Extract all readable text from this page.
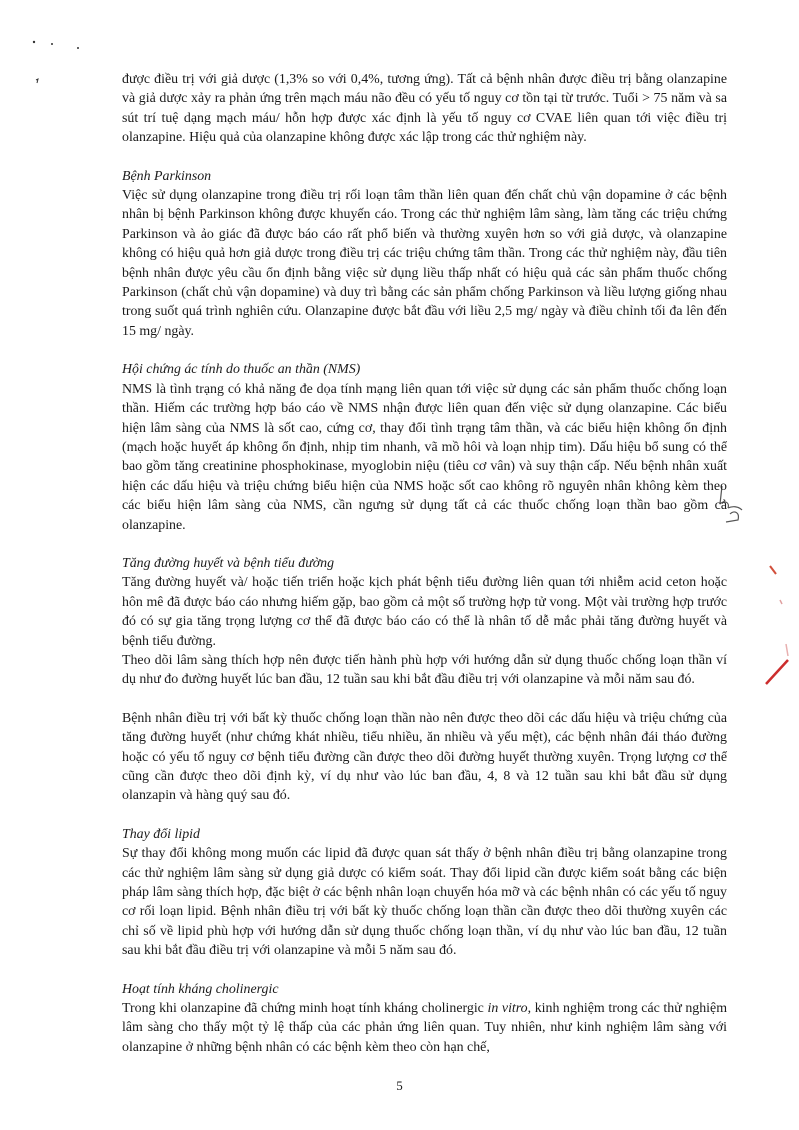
được điều trị với giả dược (1,3% so với 0,4%, tương ứng). Tất cả bệnh nhân được điều trị bằng olanzapine và giả dược xảy ra phản ứng trên mạch máu não đều có yếu tố nguy cơ tồn tại từ trước. Tuổi > 75 năm và sa sút trí tuệ dạng mạch máu/ hỗn hợp được xác định là yếu tố nguy cơ CVAE liên quan tới việc điều trị olanzapine. Hiệu quả của olanzapine không được xác lập trong các thử nghiệm này.

Bệnh Parkinson

Việc sử dụng olanzapine trong điều trị rối loạn tâm thần liên quan đến chất chủ vận dopamine ở các bệnh nhân bị bệnh Parkinson không được khuyến cáo. Trong các thử nghiệm lâm sàng, làm tăng các triệu chứng Parkinson và ảo giác đã được báo cáo rất phổ biến và thường xuyên hơn so với giả dược, và olanzapine không có hiệu quả hơn giả dược trong điều trị các triệu chứng tâm thần. Trong các thử nghiệm này, đầu tiên bệnh nhân được yêu cầu ổn định bằng việc sử dụng liều thấp nhất có hiệu quả các sản phẩm thuốc chống Parkinson (chất chủ vận dopamine) và duy trì bằng các sản phẩm chống Parkinson và liều lượng giống nhau trong suốt quá trình nghiên cứu. Olanzapine được bắt đầu với liều 2,5 mg/ ngày và điều chỉnh tối đa lên đến 15 mg/ ngày.

Hội chứng ác tính do thuốc an thần (NMS)

NMS là tình trạng có khả năng đe dọa tính mạng liên quan tới việc sử dụng các sản phẩm thuốc chống loạn thần. Hiếm các trường hợp báo cáo về NMS nhận được liên quan đến việc sử dụng olanzapine. Các biểu hiện lâm sàng của NMS là sốt cao, cứng cơ, thay đổi tình trạng tâm thần, và các biểu hiện không ổn định (mạch hoặc huyết áp không ổn định, nhịp tim nhanh, vã mồ hôi và loạn nhịp tim). Dấu hiệu bổ sung có thể bao gồm tăng creatinine phosphokinase, myoglobin niệu (tiêu cơ vân) và suy thận cấp. Nếu bệnh nhân xuất hiện các dấu hiệu và triệu chứng biểu hiện của NMS hoặc sốt cao không rõ nguyên nhân không kèm theo các biểu hiện lâm sàng của NMS, cần ngưng sử dụng tất cả các thuốc chống loạn thần bao gồm cả olanzapine.

Tăng đường huyết và bệnh tiểu đường

Tăng đường huyết và/ hoặc tiến triển hoặc kịch phát bệnh tiểu đường liên quan tới nhiễm acid ceton hoặc hôn mê đã được báo cáo nhưng hiếm gặp, bao gồm cả một số trường hợp tử vong. Một vài trường hợp trước đó có sự gia tăng trọng lượng cơ thể đã được báo cáo có thể là nhân tố dễ mắc phải tăng đường huyết và bệnh tiểu đường.

Theo dõi lâm sàng thích hợp nên được tiến hành phù hợp với hướng dẫn sử dụng thuốc chống loạn thần ví dụ như đo đường huyết lúc ban đầu, 12 tuần sau khi bắt đầu điều trị với olanzapine và mỗi năm sau đó.

Bệnh nhân điều trị với bất kỳ thuốc chống loạn thần nào nên được theo dõi các dấu hiệu và triệu chứng của tăng đường huyết (như chứng khát nhiều, tiểu nhiều, ăn nhiều và yếu mệt), các bệnh nhân đái tháo đường hoặc có yếu tố nguy cơ bệnh tiểu đường cần được theo dõi đường huyết thường xuyên. Trọng lượng cơ thể cũng cần được theo dõi định kỳ, ví dụ như vào lúc ban đầu, 4, 8 và 12 tuần sau khi bắt đầu sử dụng olanzapin và hàng quý sau đó.

Thay đổi lipid

Sự thay đổi không mong muốn các lipid đã được quan sát thấy ở bệnh nhân điều trị bằng olanzapine trong các thử nghiệm lâm sàng sử dụng giả dược có kiểm soát. Thay đổi lipid cần được kiểm soát bằng các biện pháp lâm sàng thích hợp, đặc biệt ở các bệnh nhân loạn chuyển hóa mỡ và các bệnh nhân có các yếu tố nguy cơ rối loạn lipid. Bệnh nhân điều trị với bất kỳ thuốc chống loạn thần cần được theo dõi thường xuyên các chỉ số về lipid phù hợp với hướng dẫn sử dụng thuốc chống loạn thần, ví dụ như vào lúc ban đầu, 12 tuần sau khi bắt đầu điều trị với olanzapine và mỗi 5 năm sau đó.

Hoạt tính kháng cholinergic

Trong khi olanzapine đã chứng minh hoạt tính kháng cholinergic in vitro, kinh nghiệm trong các thử nghiệm lâm sàng cho thấy một tỷ lệ thấp của các phản ứng liên quan. Tuy nhiên, như kinh nghiệm lâm sàng với olanzapine ở những bệnh nhân có các bệnh kèm theo còn hạn chế,

5
